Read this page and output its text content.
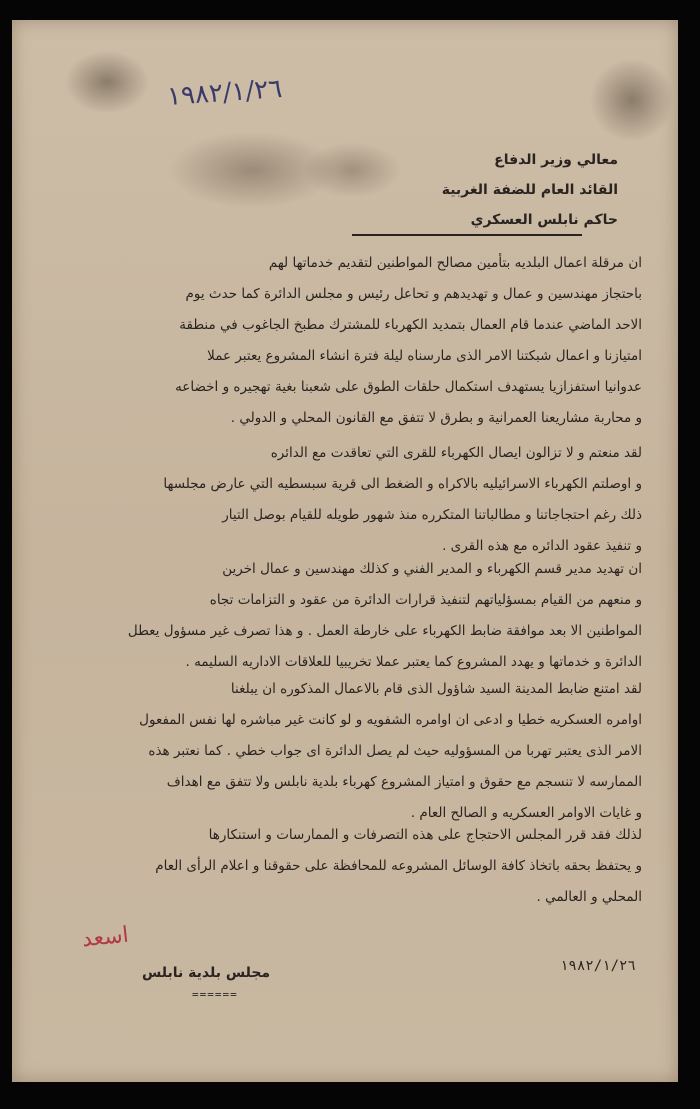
١٩٨٢/١/٢٦
معالي وزير الدفاع
القائد العام للضفة الغربية
حاكم نابلس العسكري
ان مرقلة اعمال البلديه بتأمين مصالح المواطنين لتقديم خدماتها لهم
باحتجاز مهندسين و عمال و تهديدهم و تحاعل رئيس و مجلس الدائرة كما حدث يوم
الاحد الماضي عندما قام العمال بتمديد الكهرباء للمشترك مطبخ الجاغوب في منطقة
امتيازنا و اعمال شبكتنا الامر الذى مارسناه ليلة فترة انشاء المشروع يعتبر عملا
عدوانيا استفزازيا يستهدف استكمال حلقات الطوق على شعبنا بغية تهجيره و اخضاعه
و محاربة مشاريعنا العمرانية و بطرق لا تتفق مع القانون المحلي و الدولي .
لقد منعتم و لا تزالون ايصال الكهرباء للقرى التي تعاقدت مع الدائره
و اوصلتم الكهرباء الاسرائيليه بالاكراه و الضغط الى قرية سبسطيه التي عارض مجلسها
ذلك رغم احتجاجاتنا و مطالباتنا المتكرره منذ شهور طويله للقيام بوصل التيار
و تنفيذ عقود الدائره مع هذه القرى .
ان تهديد مدير قسم الكهرباء و المدير الفني و كذلك مهندسين و عمال اخرين
و منعهم من القيام بمسؤلياتهم لتنفيذ قرارات الدائرة من عقود و التزامات تجاه
المواطنين الا بعد موافقة ضابط الكهرباء على خارطة العمل . و هذا تصرف غير مسؤول يعطل
الدائرة و خدماتها و يهدد المشروع كما يعتبر عملا تخريبيا للعلاقات الاداريه السليمه .
لقد امتنع ضابط المدينة السيد شاؤول الذى قام بالاعمال المذكوره ان يبلغنا
اوامره العسكريه خطيا و ادعى ان اوامره الشفويه و لو كانت غير مباشره لها نفس المفعول
الامر الذى يعتبر تهربا من المسؤوليه حيث لم يصل الدائرة اى جواب خطي . كما نعتبر هذه
الممارسه لا تنسجم مع حقوق و امتياز المشروع كهرباء بلدية نابلس ولا تتفق مع اهداف
و غايات الاوامر العسكريه و الصالح العام .
لذلك فقد قرر المجلس الاحتجاج على هذه التصرفات و الممارسات و استنكارها
و يحتفظ بحقه باتخاذ كافة الوسائل المشروعه للمحافظة على حقوقنا و اعلام الرأى العام
المحلي و العالمي .
اسعد
١٩٨٢/١/٢٦
مجلس بلدية نابلس
======
